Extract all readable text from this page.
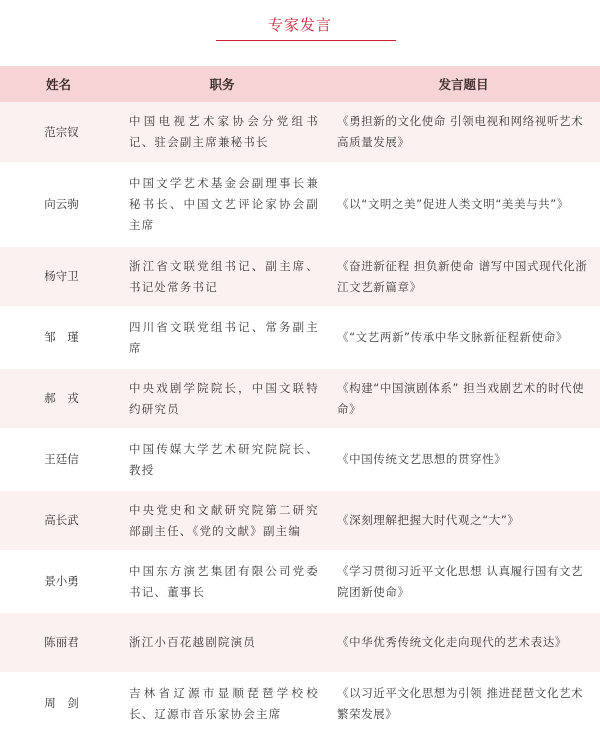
专家发言
姓名	职务	发言题目
范宗钗	中国电视艺术家协会分党组书记、驻会副主席兼秘书长	《勇担新的文化使命 引领电视和网络视听艺术高质量发展》
向云驹	中国文学艺术基金会副理事长兼秘书长、中国文艺评论家协会副主席	《以“文明之美”促进人类文明“美美与共”》
杨守卫	浙江省文联党组书记、副主席、书记处常务书记	《奋进新征程 担负新使命 谱写中国式现代化浙江文艺新篇章》
邹　瑾	四川省文联党组书记、常务副主席	《“文艺两新”传承中华文脉新征程新使命》
郝　戎	中央戏剧学院院长，中国文联特约研究员	《构建“中国演剧体系” 担当戏剧艺术的时代使命》
王廷信	中国传媒大学艺术研究院院长、教授	《中国传统文艺思想的贯穿性》
高长武	中央党史和文献研究院第二研究部副主任、《党的文献》副主编	《深刻理解把握大时代观之“大”》
景小勇	中国东方演艺集团有限公司党委书记、董事长	《学习贯彻习近平文化思想 认真履行国有文艺院团新使命》
陈丽君	浙江小百花越剧院演员	《中华优秀传统文化走向现代的艺术表达》
周　剑	吉林省辽源市显顺琵琶学校校长、辽源市音乐家协会主席	《以习近平文化思想为引领 推进琵琶文化艺术繁荣发展》
